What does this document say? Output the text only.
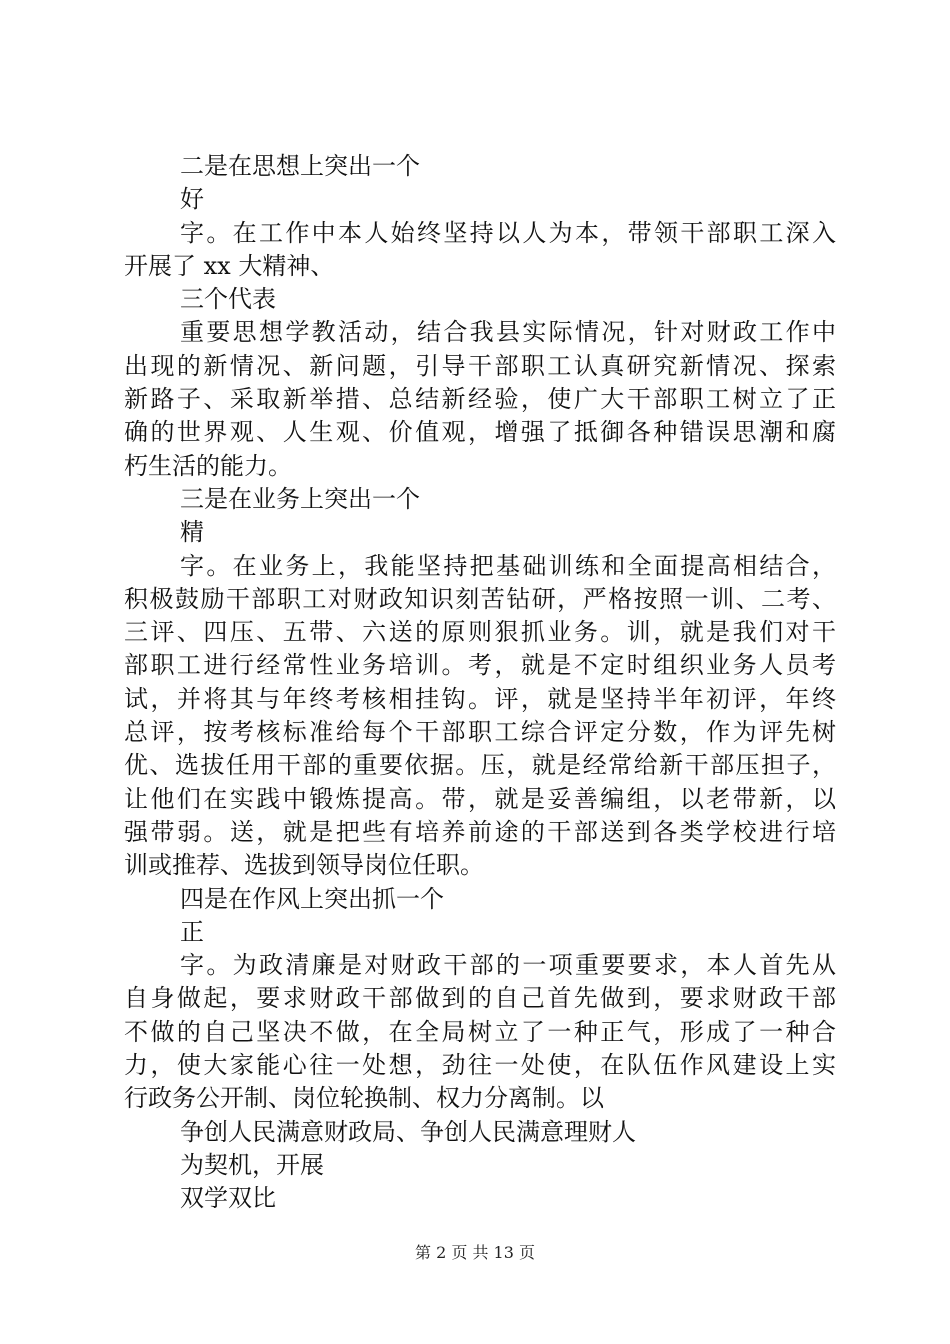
二是在思想上突出一个
好
字。在工作中本人始终坚持以人为本，带领干部职工深入
开展了 xx 大精神、
三个代表
重要思想学教活动，结合我县实际情况，针对财政工作中
出现的新情况、新问题，引导干部职工认真研究新情况、探索
新路子、采取新举措、总结新经验，使广大干部职工树立了正
确的世界观、人生观、价值观，增强了抵御各种错误思潮和腐
朽生活的能力。
三是在业务上突出一个
精
字。在业务上，我能坚持把基础训练和全面提高相结合，
积极鼓励干部职工对财政知识刻苦钻研，严格按照一训、二考、
三评、四压、五带、六送的原则狠抓业务。训，就是我们对干
部职工进行经常性业务培训。考，就是不定时组织业务人员考
试，并将其与年终考核相挂钩。评，就是坚持半年初评，年终
总评，按考核标准给每个干部职工综合评定分数，作为评先树
优、选拔任用干部的重要依据。压，就是经常给新干部压担子，
让他们在实践中锻炼提高。带，就是妥善编组，以老带新，以
强带弱。送，就是把些有培养前途的干部送到各类学校进行培
训或推荐、选拔到领导岗位任职。
四是在作风上突出抓一个
正
字。为政清廉是对财政干部的一项重要要求，本人首先从
自身做起，要求财政干部做到的自己首先做到，要求财政干部
不做的自己坚决不做，在全局树立了一种正气，形成了一种合
力，使大家能心往一处想，劲往一处使，在队伍作风建设上实
行政务公开制、岗位轮换制、权力分离制。以
争创人民满意财政局、争创人民满意理财人
为契机，开展
双学双比
第 2 页 共 13 页
